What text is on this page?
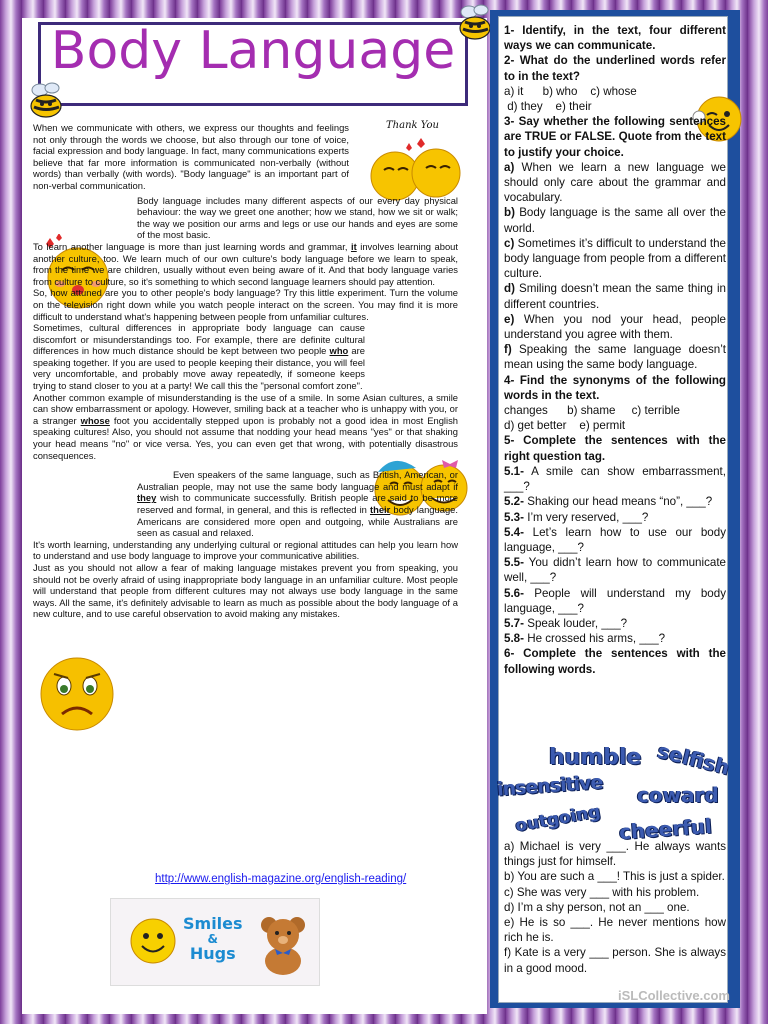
Body Language
Thank You

When we communicate with others, we express our thoughts and feelings not only through the words we choose, but also through our tone of voice, facial expression and body language. In fact, many communications experts believe that far more information is communicated non-verbally (without words) than verbally (with words). "Body language" is an important part of non-verbal communication.

Body language includes many different aspects of our every day physical behaviour: the way we greet one another; how we stand, how we sit or walk; the way we position our arms and legs or use our hands and eyes are some of the most basic.

To learn another language is more than just learning words and grammar, it involves learning about another culture, too. We learn much of our own culture's body language before we learn to speak, from the time we are children, usually without even being aware of it. And that body language varies from culture to culture, so it's something to which second language learners should pay attention.

So, how attuned are you to other people's body language? Try this little experiment. Turn the volume on the television right down while you watch people interact on the screen. You may find it is more difficult to understand what's happening between people from unfamiliar cultures.

Sometimes, cultural differences in appropriate body language can cause discomfort or misunderstandings too. For example, there are definite cultural differences in how much distance should be kept between two people who are speaking together. If you are used to people keeping their distance, you will feel very uncomfortable, and probably move away repeatedly, if someone keeps trying to stand closer to you at a party! We call this the "personal comfort zone".

Another common example of misunderstanding is the use of a smile. In some Asian cultures, a smile can show embarrassment or apology. However, smiling back at a teacher who is unhappy with you, or a stranger whose foot you accidentally stepped upon is probably not a good idea in most English speaking cultures! Also, you should not assume that nodding your head means "yes" or that shaking your head means "no" or vice versa. Yes, you can even get that wrong, with potentially disastrous consequences.

Even speakers of the same language, such as British, American, or Australian people, may not use the same body language and must adapt if they wish to communicate successfully. British people are said to be more reserved and formal, in general, and this is reflected in their body language. Americans are considered more open and outgoing, while Australians are seen as casual and relaxed.

It's worth learning, understanding any underlying cultural or regional attitudes can help you learn how to understand and use body language to improve your communicative abilities.

Just as you should not allow a fear of making language mistakes prevent you from speaking, you should not be overly afraid of using inappropriate body language in an unfamiliar culture. Most people will understand that people from different cultures may not always use body language in the same ways. All the same, it's definitely advisable to learn as much as possible about the body language of a new culture, and to use careful observation to avoid making any mistakes.

http://www.english-magazine.org/english-reading/
Smiles
&
Hugs
1- Identify, in the text, four different ways we can communicate.
2- What do the underlined words refer to in the text?
a) it      b) who    c) whose
d) they    e) their
3- Say whether the following sentences are TRUE or FALSE. Quote from the text to justify your choice.
a) When we learn a new language we should only care about the grammar and vocabulary.
b) Body language is the same all over the world.
c) Sometimes it’s difficult to understand the body language from people from a different culture.
d) Smiling doesn’t mean the same thing in different countries.
e) When you nod your head, people understand you agree with them.
f) Speaking the same language doesn’t mean using the same body language.
4- Find the synonyms of the following words in the text.
changes      b) shame     c) terrible
d) get better    e) permit
5- Complete the sentences with the right question tag.
5.1- A smile can show embarrassment, ___?
5.2- Shaking our head means “no”, ___?
5.3- I’m very reserved, ___?
5.4- Let’s learn how to use our body language, ___?
5.5- You didn’t learn how to communicate well, ___?
5.6- People will understand my body language, ___?
5.7- Speak louder, ___?
5.8- He crossed his arms, ___?
6- Complete the sentences with the following words.
humble selfish
insensitive coward
outgoing cheerful
a) Michael is very ___. He always wants things just for himself.
b) You are such a ___! This is just a spider.
c) She was very ___ with his problem.
d) I’m a shy person, not an ___ one.
e) He is so ___. He never mentions how rich he is.
f) Kate is a very ___ person. She is always in a good mood.
iSLCollective.com
